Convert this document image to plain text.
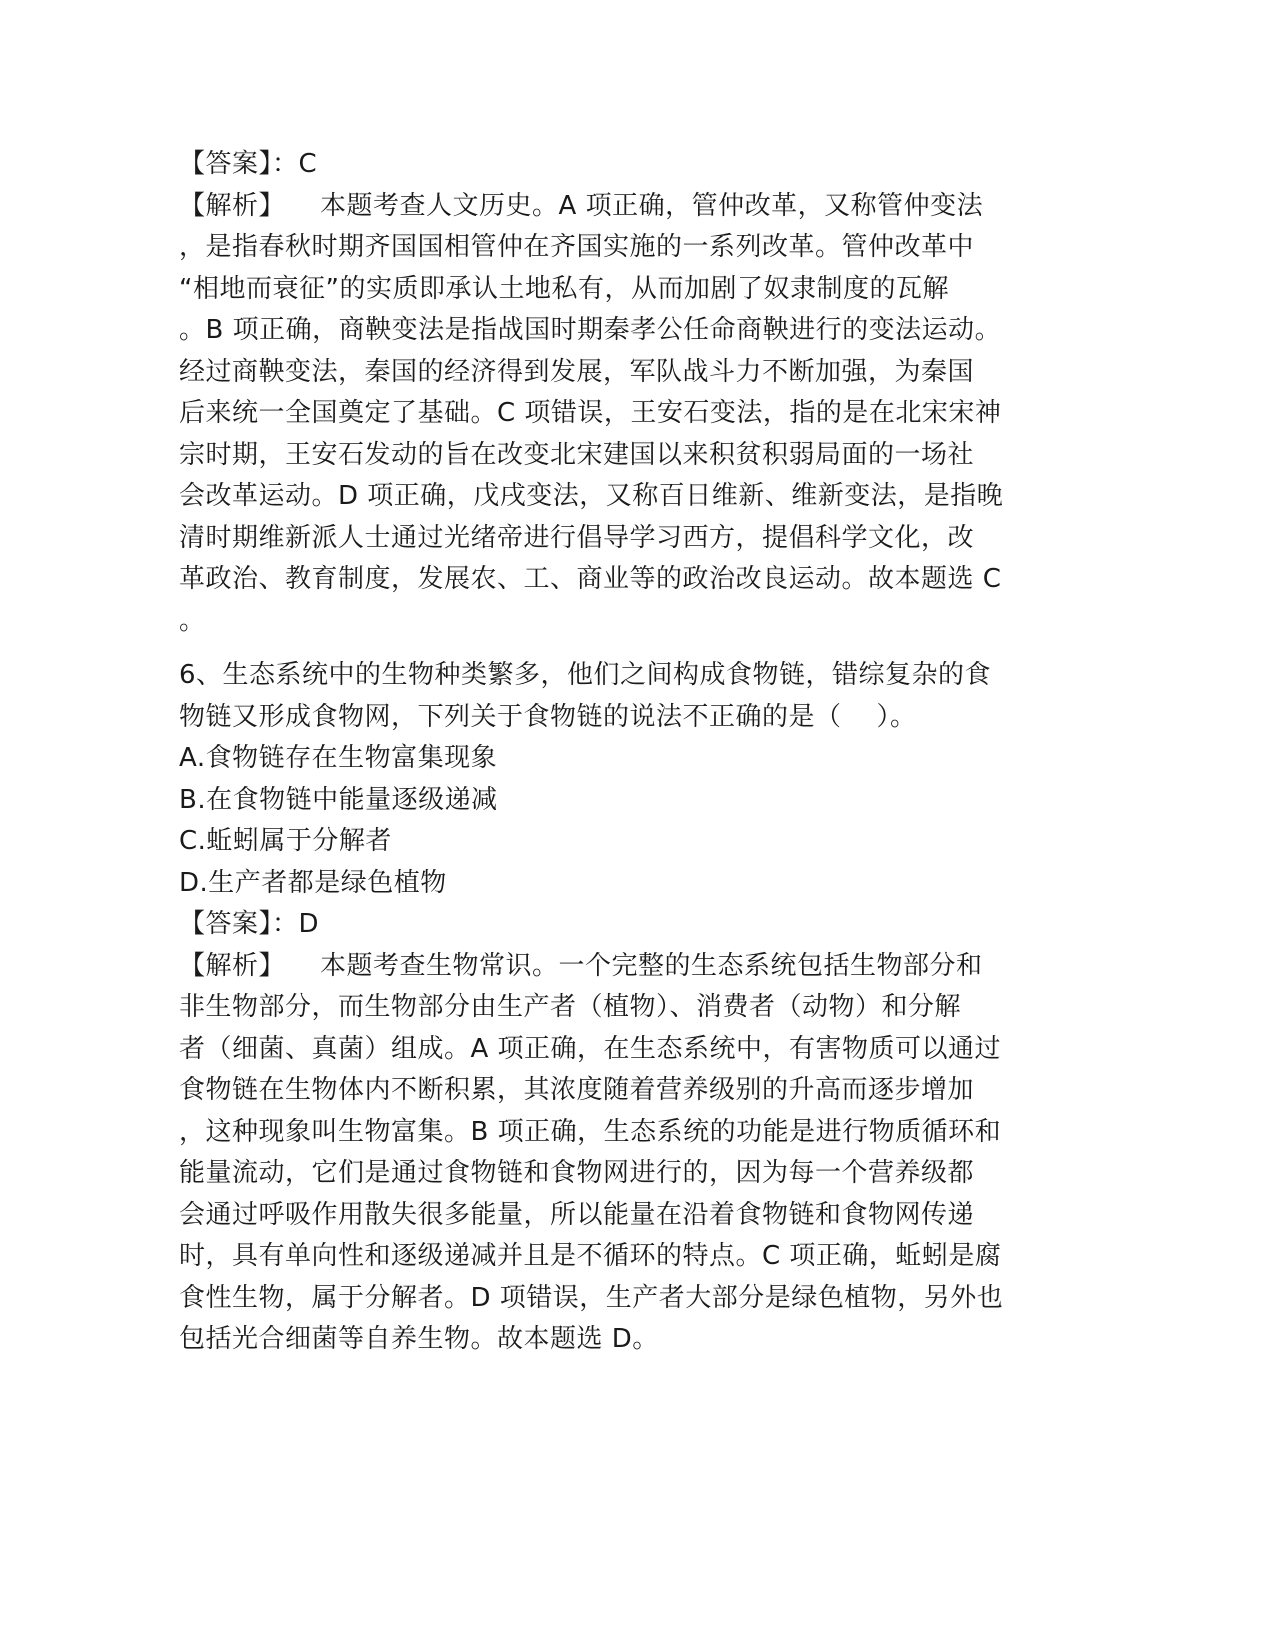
【答案】：C
【解析】    本题考查人文历史。A 项正确，管仲改革，又称管仲变法
，是指春秋时期齐国国相管仲在齐国实施的一系列改革。管仲改革中
“相地而衰征”的实质即承认土地私有，从而加剧了奴隶制度的瓦解
。B 项正确，商鞅变法是指战国时期秦孝公任命商鞅进行的变法运动。
经过商鞅变法，秦国的经济得到发展，军队战斗力不断加强，为秦国
后来统一全国奠定了基础。C 项错误，王安石变法，指的是在北宋宋神
宗时期，王安石发动的旨在改变北宋建国以来积贫积弱局面的一场社
会改革运动。D 项正确，戊戌变法，又称百日维新、维新变法，是指晚
清时期维新派人士通过光绪帝进行倡导学习西方，提倡科学文化，改
革政治、教育制度，发展农、工、商业等的政治改良运动。故本题选 C
。
6、生态系统中的生物种类繁多，他们之间构成食物链，错综复杂的食
物链又形成食物网，下列关于食物链的说法不正确的是（    ）。
A.食物链存在生物富集现象
B.在食物链中能量逐级递减
C.蚯蚓属于分解者
D.生产者都是绿色植物
【答案】：D
【解析】    本题考查生物常识。一个完整的生态系统包括生物部分和
非生物部分，而生物部分由生产者（植物）、消费者（动物）和分解
者（细菌、真菌）组成。A 项正确，在生态系统中，有害物质可以通过
食物链在生物体内不断积累，其浓度随着营养级别的升高而逐步增加
，这种现象叫生物富集。B 项正确，生态系统的功能是进行物质循环和
能量流动，它们是通过食物链和食物网进行的，因为每一个营养级都
会通过呼吸作用散失很多能量，所以能量在沿着食物链和食物网传递
时，具有单向性和逐级递减并且是不循环的特点。C 项正确，蚯蚓是腐
食性生物，属于分解者。D 项错误，生产者大部分是绿色植物，另外也
包括光合细菌等自养生物。故本题选 D。
